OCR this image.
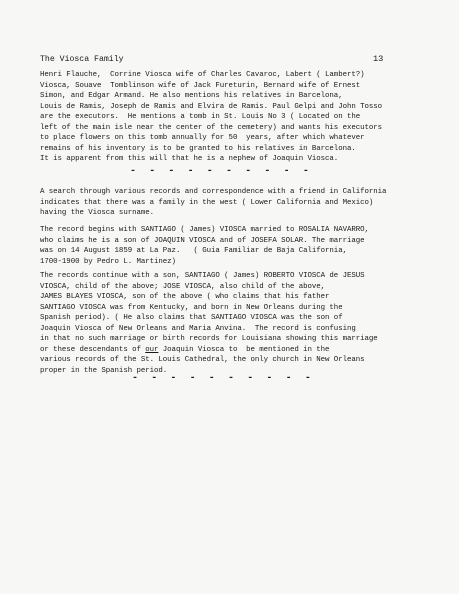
The Viosca Family	13
Henri Flauche,  Corrine Viosca wife of Charles Cavaroc, Labert ( Lambert?)
Viosca, Souave  Tomblinson wife of Jack Fureturin, Bernard wife of Ernest
Simon, and Edgar Armand. He also mentions his relatives in Barcelona,
Louis de Ramis, Joseph de Ramis and Elvira de Ramis. Paul Gelpi and John Tosso
are the executors.  He mentions a tomb in St. Louis No 3 ( Located on the
left of the main isle near the center of the cemetery) and wants his executors
to place flowers on this tomb annually for 50  years, after which whatever
remains of his inventory is to be granted to his relatives in Barcelona.
It is apparent from this will that he is a nephew of Joaquin Viosca.
- - - - - - - - - -
A search through various records and correspondence with a friend in California
indicates that there was a family in the west ( Lower California and Mexico)
having the Viosca surname.
The record begins with SANTIAGO ( James) VIOSCA married to ROSALIA NAVARRO,
who claims he is a son of JOAQUIN VIOSCA and of JOSEFA SOLAR. The marriage
was on 14 August 1859 at La Paz.   ( Guia Familiar de Baja California,
1700-1900 by Pedro L. Martinez)
The records continue with a son, SANTIAGO ( James) ROBERTO VIOSCA de JESUS
VIOSCA, child of the above; JOSE VIOSCA, also child of the above,
JAMES BLAYES VIOSCA, son of the above ( who claims that his father
SANTIAGO VIOSCA was from Kentucky, and born in New Orleans during the
Spanish period). ( He also claims that SANTIAGO VIOSCA was the son of
Joaquin Viosca of New Orleans and Maria Anvina.  The record is confusing
in that no such marriage or birth records for Louisiana showing this marriage
or these descendants of our Joaquin Viosca to  be mentioned in the
various records of the St. Louis Cathedral, the only church in New Orleans
proper in the Spanish period.
- - - - - - - - - -
